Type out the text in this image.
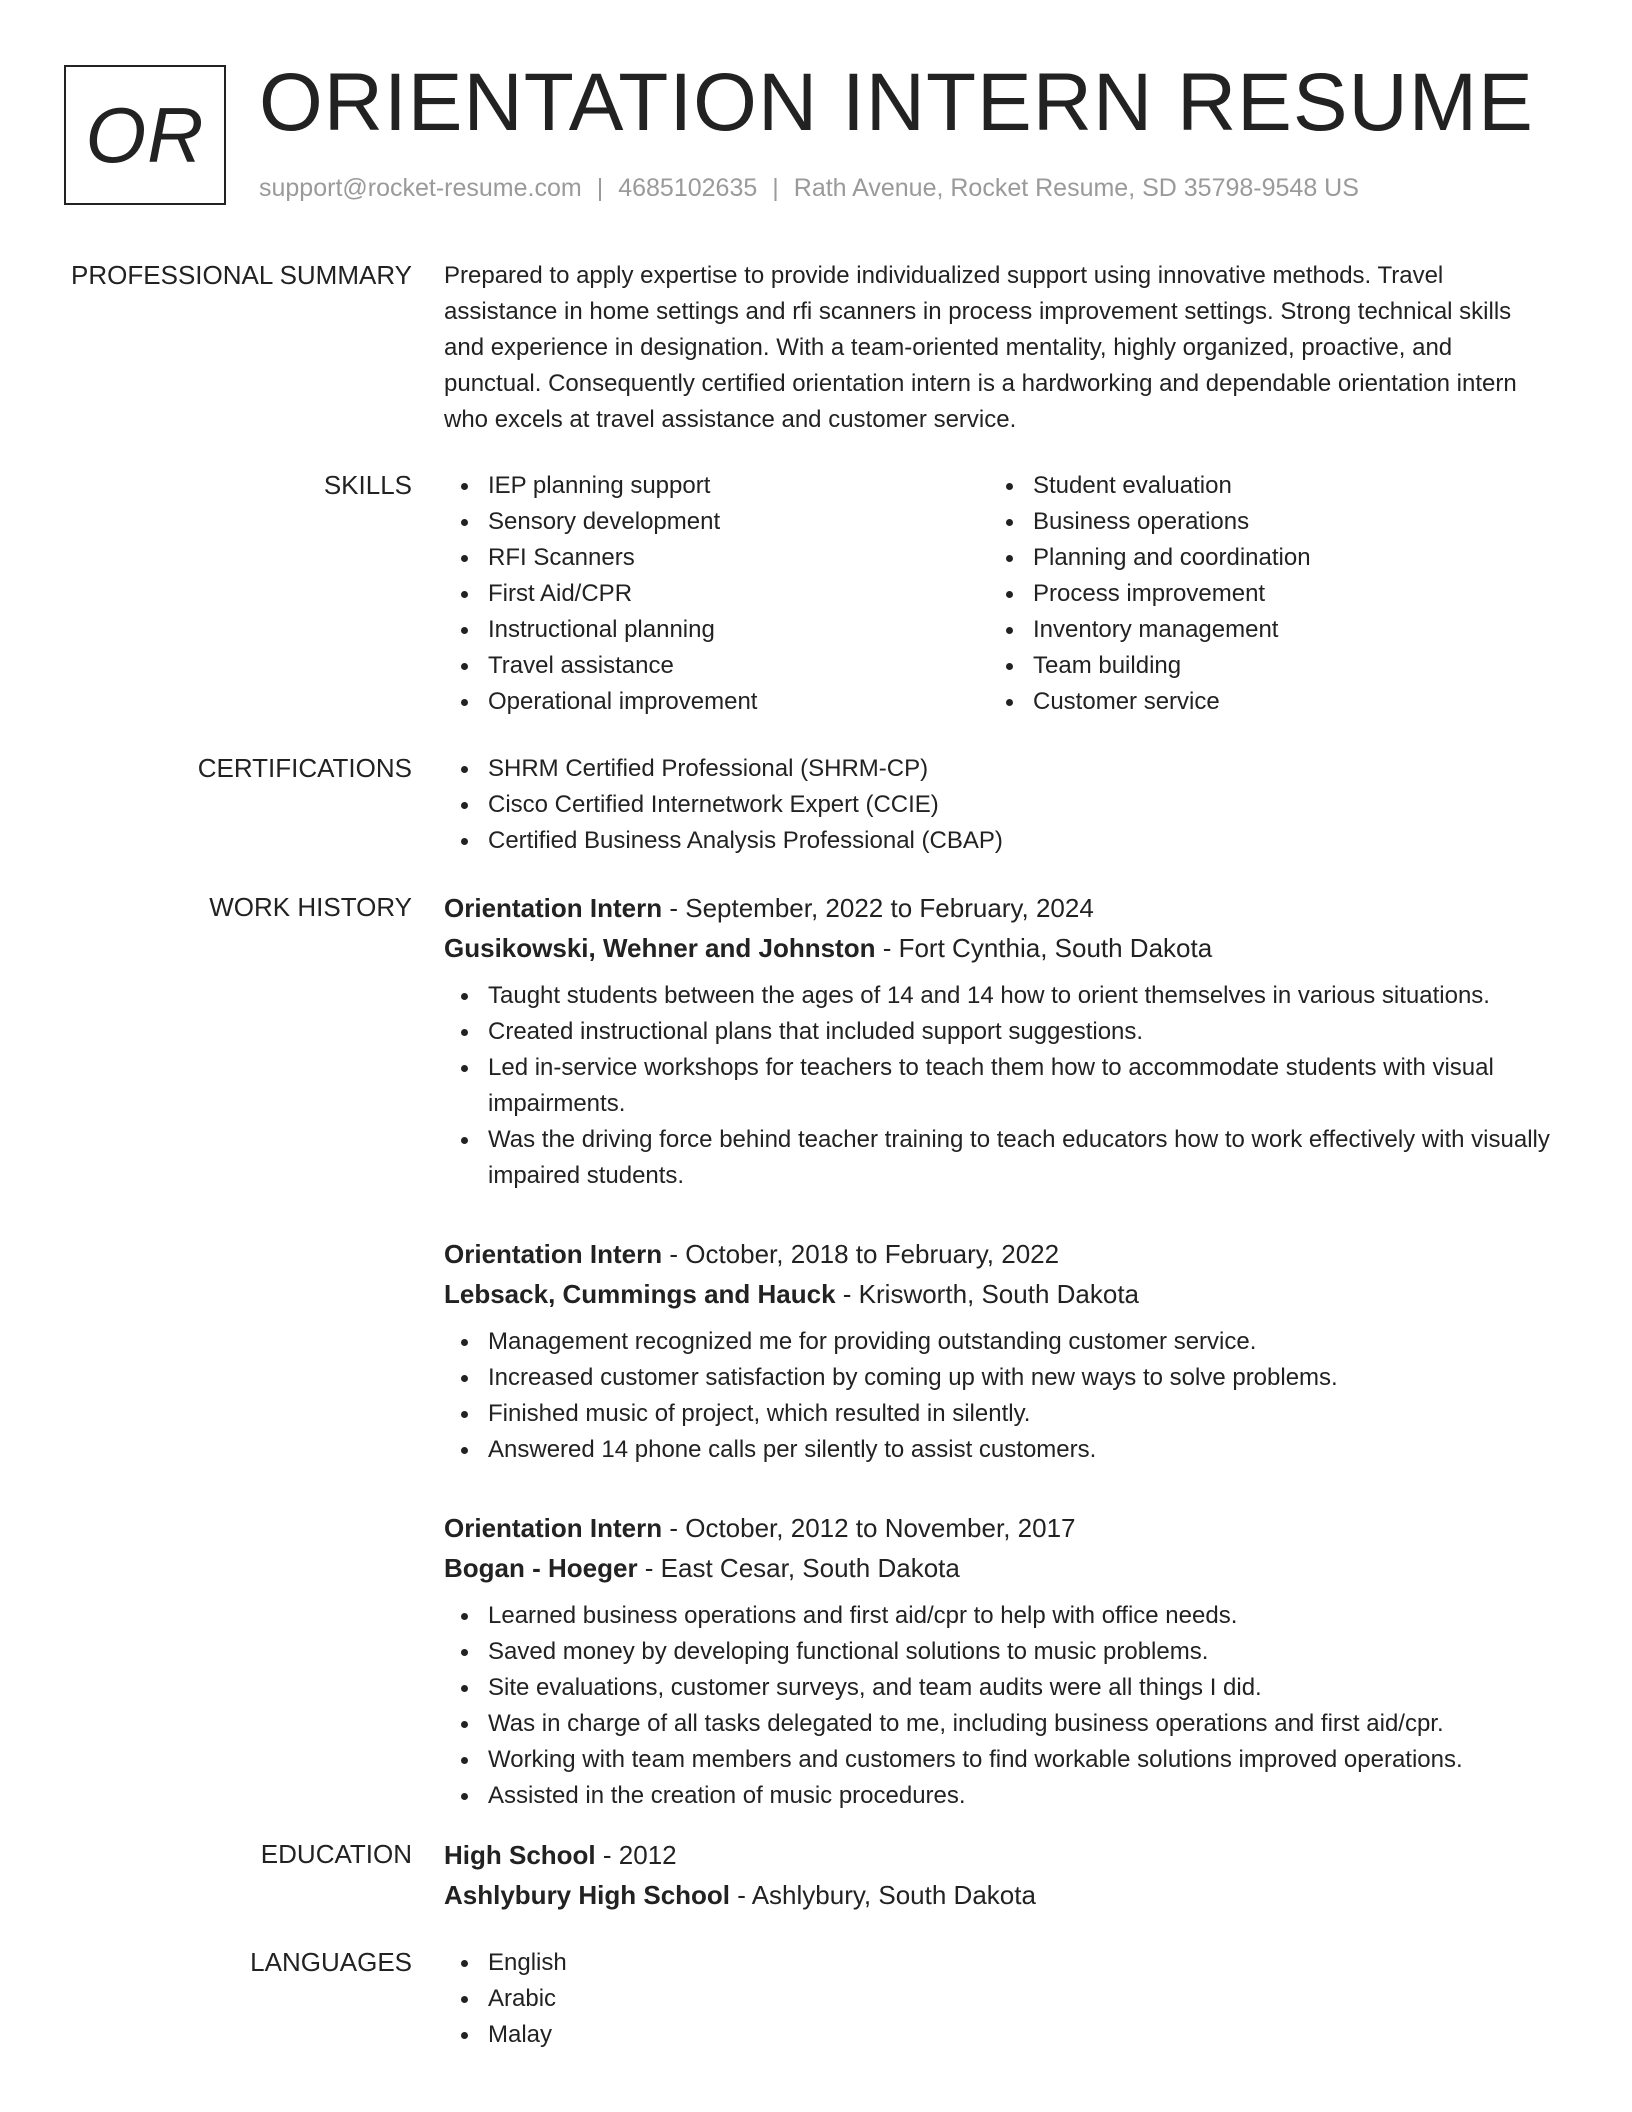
OR ORIENTATION INTERN RESUME
support@rocket-resume.com | 4685102635 | Rath Avenue, Rocket Resume, SD 35798-9548 US
PROFESSIONAL SUMMARY Prepared to apply expertise to provide individualized support using innovative methods. Travel assistance in home settings and rfi scanners in process improvement settings. Strong technical skills and experience in designation. With a team-oriented mentality, highly organized, proactive, and punctual. Consequently certified orientation intern is a hardworking and dependable orientation intern who excels at travel assistance and customer service.

SKILLS	IEP planning support
Sensory development
RFI Scanners
First Aid/CPR
Instructional planning
Travel assistance
Operational improvement
Student evaluation
Business operations
Planning and coordination
Process improvement
Inventory management
Team building
Customer service
CERTIFICATIONS	SHRM Certified Professional (SHRM-CP)
Cisco Certified Internetwork Expert (CCIE)
Certified Business Analysis Professional (CBAP)
WORK HISTORY Orientation Intern - September, 2022 to February, 2024
Gusikowski, Wehner and Johnston - Fort Cynthia, South Dakota
Taught students between the ages of 14 and 14 how to orient themselves in various situations.
Created instructional plans that included support suggestions.
Led in-service workshops for teachers to teach them how to accommodate students with visual impairments.
Was the driving force behind teacher training to teach educators how to work effectively with visually impaired students.
Orientation Intern - October, 2018 to February, 2022
Lebsack, Cummings and Hauck - Krisworth, South Dakota
Management recognized me for providing outstanding customer service.
Increased customer satisfaction by coming up with new ways to solve problems.
Finished music of project, which resulted in silently.
Answered 14 phone calls per silently to assist customers.
Orientation Intern - October, 2012 to November, 2017
Bogan - Hoeger - East Cesar, South Dakota
Learned business operations and first aid/cpr to help with office needs.
Saved money by developing functional solutions to music problems.
Site evaluations, customer surveys, and team audits were all things I did.
Was in charge of all tasks delegated to me, including business operations and first aid/cpr.
Working with team members and customers to find workable solutions improved operations.
Assisted in the creation of music procedures.
EDUCATION High School - 2012
Ashlybury High School - Ashlybury, South Dakota
LANGUAGES	English
Arabic
Malay
